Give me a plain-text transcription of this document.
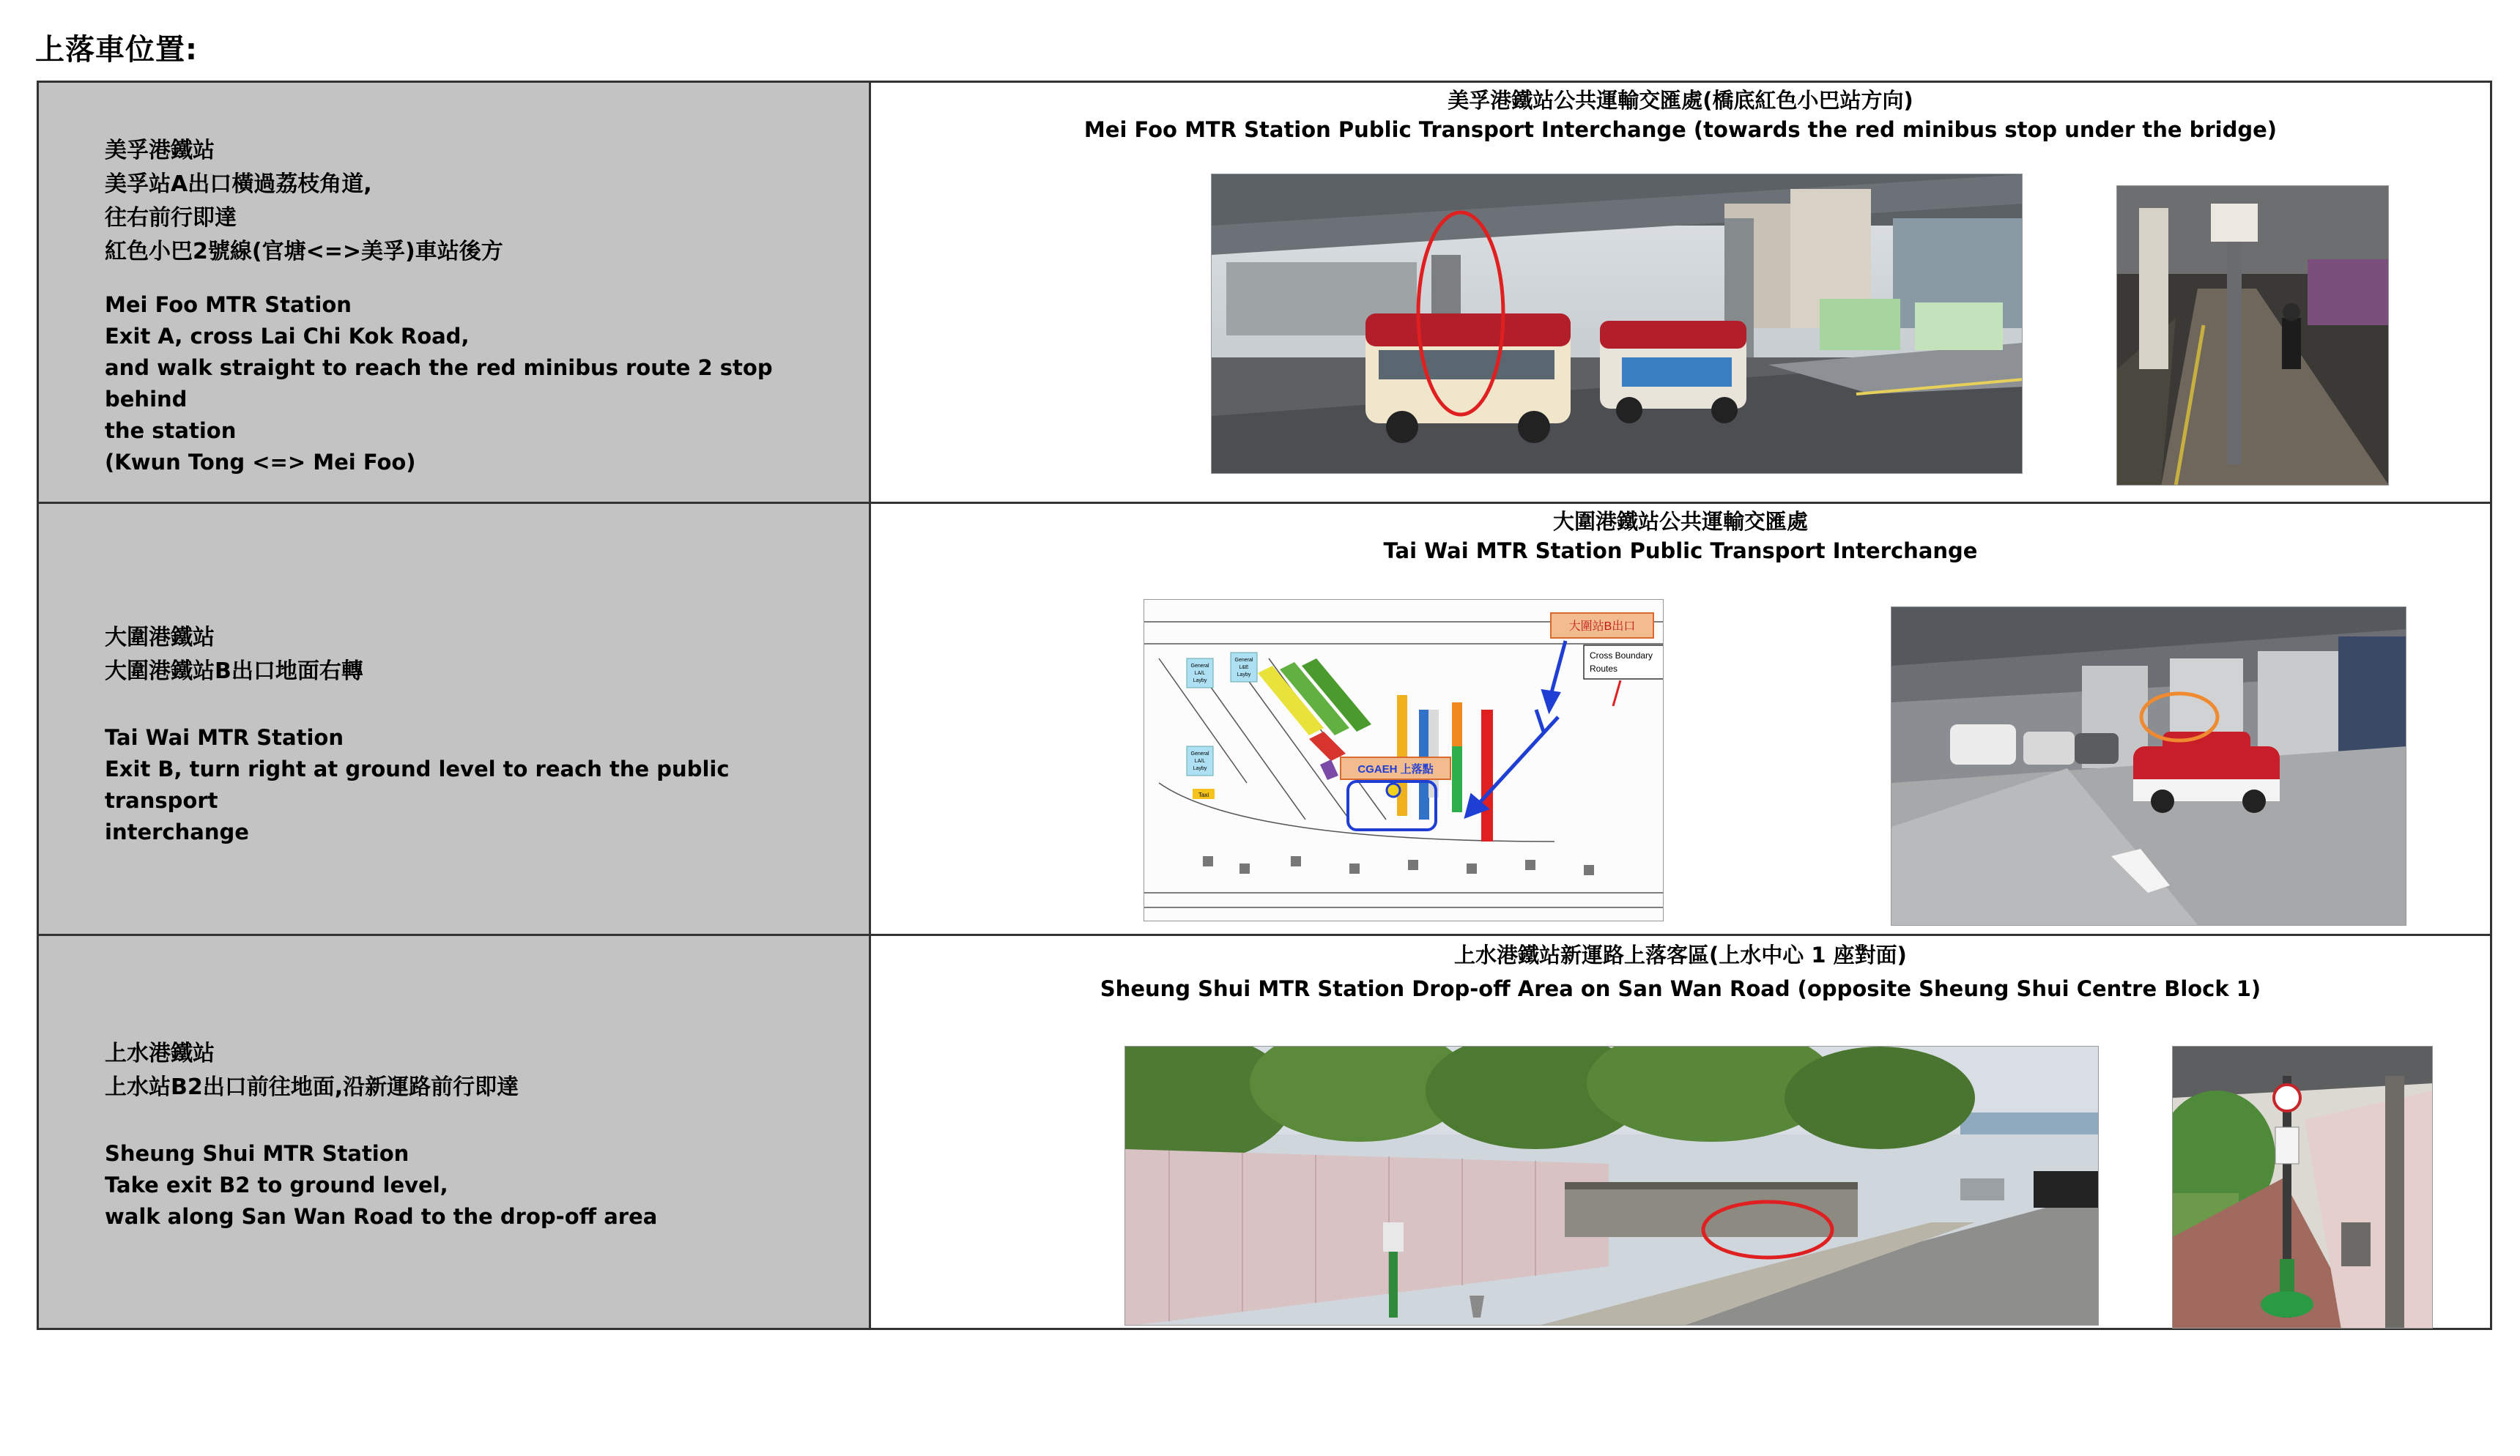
上落車位置:
美孚港鐵站
美孚站A出口橫過荔枝角道,
往右前行即達
紅色小巴2號線(官塘<=>美孚)車站後方
Mei Foo MTR Station
Exit A, cross Lai Chi Kok Road,
and walk straight to reach the red minibus route 2 stop behind
the station
(Kwun Tong <=> Mei Foo)
美孚港鐵站公共運輸交匯處(橋底紅色小巴站方向)
Mei Foo MTR Station Public Transport Interchange (towards the red minibus stop under the bridge)
大圍港鐵站
大圍港鐵站B出口地面右轉
Tai Wai MTR Station
Exit B, turn right at ground level to reach the public transport
interchange
大圍港鐵站公共運輸交匯處
Tai Wai MTR Station Public Transport Interchange
General
LA/L
Layby
General
L&E
Layby
General
LA/L
Layby
Taxi
大圍站B出口
Cross Boundary
Routes
CGAEH 上落點
上水港鐵站
上水站B2出口前往地面,沿新運路前行即達
Sheung Shui MTR Station
Take exit B2 to ground level,
walk along San Wan Road to the drop-off area
上水港鐵站新運路上落客區(上水中心 1 座對面)
Sheung Shui MTR Station Drop-off Area on San Wan Road (opposite Sheung Shui Centre Block 1)
